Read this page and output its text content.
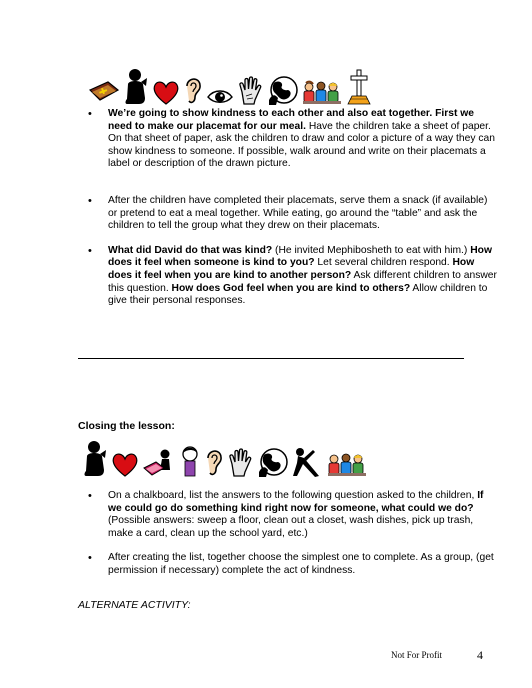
• We’re going to show kindness to each other and also eat together. First we need to make our placemat for our meal. Have the children take a sheet of paper. On that sheet of paper, ask the children to draw and color a picture of a way they can show kindness to someone. If possible, walk around and write on their placemats a label or description of the drawn picture.
• After the children have completed their placemats, serve them a snack (if available) or pretend to eat a meal together. While eating, go around the “table” and ask the children to tell the group what they drew on their placemats.
• What did David do that was kind? (He invited Mephibosheth to eat with him.) How does it feel when someone is kind to you? Let several children respond. How does it feel when you are kind to another person? Ask different children to answer this question. How does God feel when you are kind to others? Allow children to give their personal responses.
Closing the lesson:
• On a chalkboard, list the answers to the following question asked to the children, If we could go do something kind right now for someone, what could we do? (Possible answers: sweep a floor, clean out a closet, wash dishes, pick up trash, make a card, clean up the school yard, etc.)
• After creating the list, together choose the simplest one to complete. As a group, (get permission if necessary) complete the act of kindness.
ALTERNATE ACTIVITY:
Not For Profit	4
